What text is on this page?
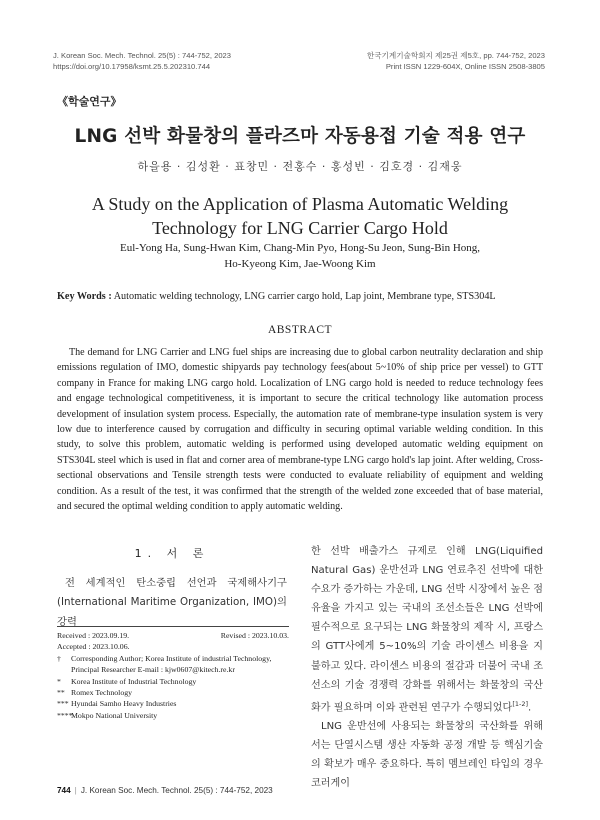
J. Korean Soc. Mech. Technol. 25(5) : 744-752, 2023
https://doi.org/10.17958/ksmt.25.5.202310.744
한국기계기술학회지 제25권 제5호, pp. 744-752, 2023
Print ISSN 1229-604X, Online ISSN 2508-3805
《학술연구》
LNG 선박 화물창의 플라즈마 자동용접 기술 적용 연구
하을용 · 김성환 · 표창민 · 전홍수 · 홍성빈 · 김호경 · 김재웅
A Study on the Application of Plasma Automatic Welding
Technology for LNG Carrier Cargo Hold
Eul-Yong Ha, Sung-Hwan Kim, Chang-Min Pyo, Hong-Su Jeon, Sung-Bin Hong,
Ho-Kyeong Kim, Jae-Woong Kim
Key Words : Automatic welding technology, LNG carrier cargo hold, Lap joint, Membrane type, STS304L
ABSTRACT

The demand for LNG Carrier and LNG fuel ships are increasing due to global carbon neutrality declaration and ship emissions regulation of IMO, domestic shipyards pay technology fees(about 5~10% of ship price per vessel) to GTT company in France for making LNG cargo hold. Localization of LNG cargo hold is needed to reduce technology fees and engage technological competitiveness, it is important to secure the critical technology like automation process development of insulation system process. Especially, the automation rate of membrane-type insulation system is very low due to interference caused by corrugation and difficulty in securing optimal variable welding condition. In this study, to solve this problem, automatic welding is performed using developed automatic welding equipment on STS304L steel which is used in flat and corner area of membrane-type LNG cargo hold's lap joint. After welding, Cross-sectional observations and Tensile strength tests were conducted to evaluate reliability of equipment and welding condition. As a result of the test, it was confirmed that the strength of the welded zone exceeded that of base material, and secured the optimal welding condition to apply automatic welding.

1. 서 론

전 세계적인 탄소중립 선언과 국제해사기구(International Maritime Organization, IMO)의 강력

한 선박 배출가스 규제로 인해 LNG(Liquified Natural Gas) 운반선과 LNG 연료추진 선박에 대한 수요가 증가하는 가운데, LNG 선박 시장에서 높은 점유율을 가지고 있는 국내의 조선소들은 LNG 선박에 필수적으로 요구되는 LNG 화물창의 제작 시, 프랑스의 GTT사에게 5~10%의 기술 라이센스 비용을 지불하고 있다. 라이센스 비용의 절감과 더불어 국내 조선소의 기술 경쟁력 강화를 위해서는 화물창의 국산화가 필요하며 이와 관련된 연구가 수행되었다[1-2].

LNG 운반선에 사용되는 화물창의 국산화를 위해서는 단열시스템 생산 자동화 공정 개발 등 핵심기술의 확보가 매우 중요하다. 특히 멤브레인 타입의 경우 코러게이

Received : 2023.09.19.	Revised : 2023.10.03.
Accepted : 2023.10.06.
†	Corresponding Author; Korea Institute of industrial Technology, Principal Researcher E-mail : kjw0607@kitech.re.kr
*	Korea Institute of Industrial Technology
** Romex Technology
*** Hyundai Samho Heavy Industries
****
Mokpo National University
744 | J. Korean Soc. Mech. Technol. 25(5) : 744-752, 2023
